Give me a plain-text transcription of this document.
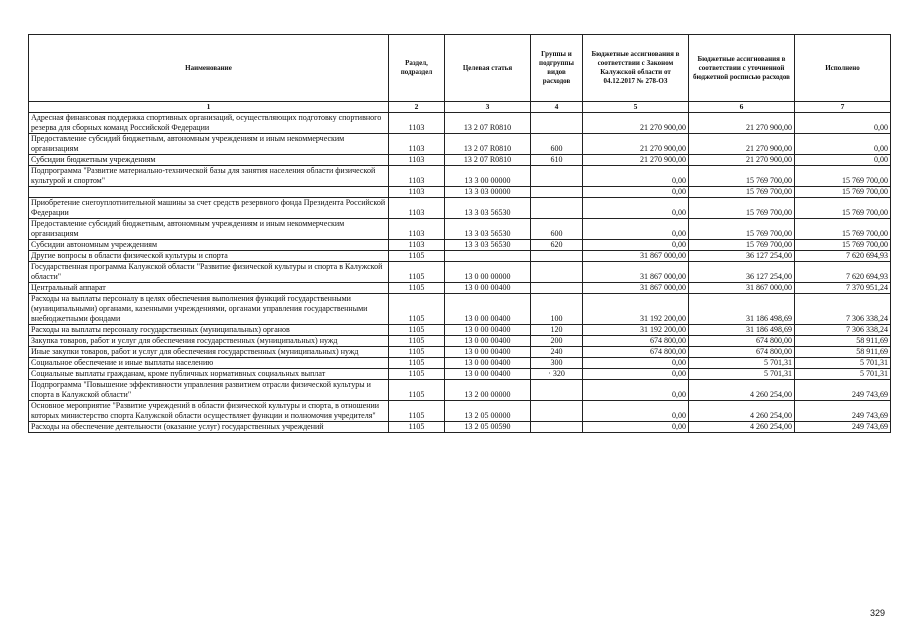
Наименование	Раздел, подраздел	Целевая статья	Группы и подгруппы видов расходов	Бюджетные ассигнования в соответствии с Законом Калужской области от 04.12.2017 № 278-ОЗ	Бюджетные ассигнования в соответствии с уточненной бюджетной росписью расходов	Исполнено
1	2	3	4	5	6	7
Адресная финансовая поддержка спортивных организаций, осуществляющих подготовку спортивного резерва для сборных команд Российской Федерации	1103	13 2 07 R0810		21 270 900,00	21 270 900,00	0,00
Предоставление субсидий бюджетным, автономным учреждениям и иным некоммерческим организациям	1103	13 2 07 R0810	600	21 270 900,00	21 270 900,00	0,00
Субсидии бюджетным учреждениям	1103	13 2 07 R0810	610	21 270 900,00	21 270 900,00	0,00
Подпрограмма "Развитие материально-технической базы для занятия населения области физической культурой и спортом"	1103	13 3 00 00000		0,00	15 769 700,00	15 769 700,00
	1103	13 3 03 00000		0,00	15 769 700,00	15 769 700,00
Приобретение снегоуплотнительной машины за счет средств резервного фонда Президента Российской Федерации	1103	13 3 03 56530		0,00	15 769 700,00	15 769 700,00
Предоставление субсидий бюджетным, автономным учреждениям и иным некоммерческим организациям	1103	13 3 03 56530	600	0,00	15 769 700,00	15 769 700,00
Субсидии автономным учреждениям	1103	13 3 03 56530	620	0,00	15 769 700,00	15 769 700,00
Другие вопросы в области физической культуры и спорта	1105			31 867 000,00	36 127 254,00	7 620 694,93
Государственная программа Калужской области "Развитие физической культуры и спорта в Калужской области"	1105	13 0 00 00000		31 867 000,00	36 127 254,00	7 620 694,93
Центральный аппарат	1105	13 0 00 00400		31 867 000,00	31 867 000,00	7 370 951,24
Расходы на выплаты персоналу в целях обеспечения выполнения функций государственными (муниципальными) органами, казенными учреждениями, органами управления государственными внебюджетными фондами	1105	13 0 00 00400	100	31 192 200,00	31 186 498,69	7 306 338,24
Расходы на выплаты персоналу государственных (муниципальных) органов	1105	13 0 00 00400	120	31 192 200,00	31 186 498,69	7 306 338,24
Закупка товаров, работ и услуг для обеспечения государственных (муниципальных) нужд	1105	13 0 00 00400	200	674 800,00	674 800,00	58 911,69
Иные закупки товаров, работ и услуг для обеспечения государственных (муниципальных) нужд	1105	13 0 00 00400	240	674 800,00	674 800,00	58 911,69
Социальное обеспечение и иные выплаты населению	1105	13 0 00 00400	300	0,00	5 701,31	5 701,31
Социальные выплаты гражданам, кроме публичных нормативных социальных выплат	1105	13 0 00 00400	· 320	0,00	5 701,31	5 701,31
Подпрограмма "Повышение эффективности управления развитием отрасли физической культуры и спорта в Калужской области"	1105	13 2 00 00000		0,00	4 260 254,00	249 743,69
Основное мероприятие "Развитие учреждений в области физической культуры и спорта, в отношении которых министерство спорта Калужской области осуществляет функции и полномочия учредителя"	1105	13 2 05 00000		0,00	4 260 254,00	249 743,69
Расходы на обеспечение деятельности (оказание услуг) государственных учреждений	1105	13 2 05 00590		0,00	4 260 254,00	249 743,69
329
